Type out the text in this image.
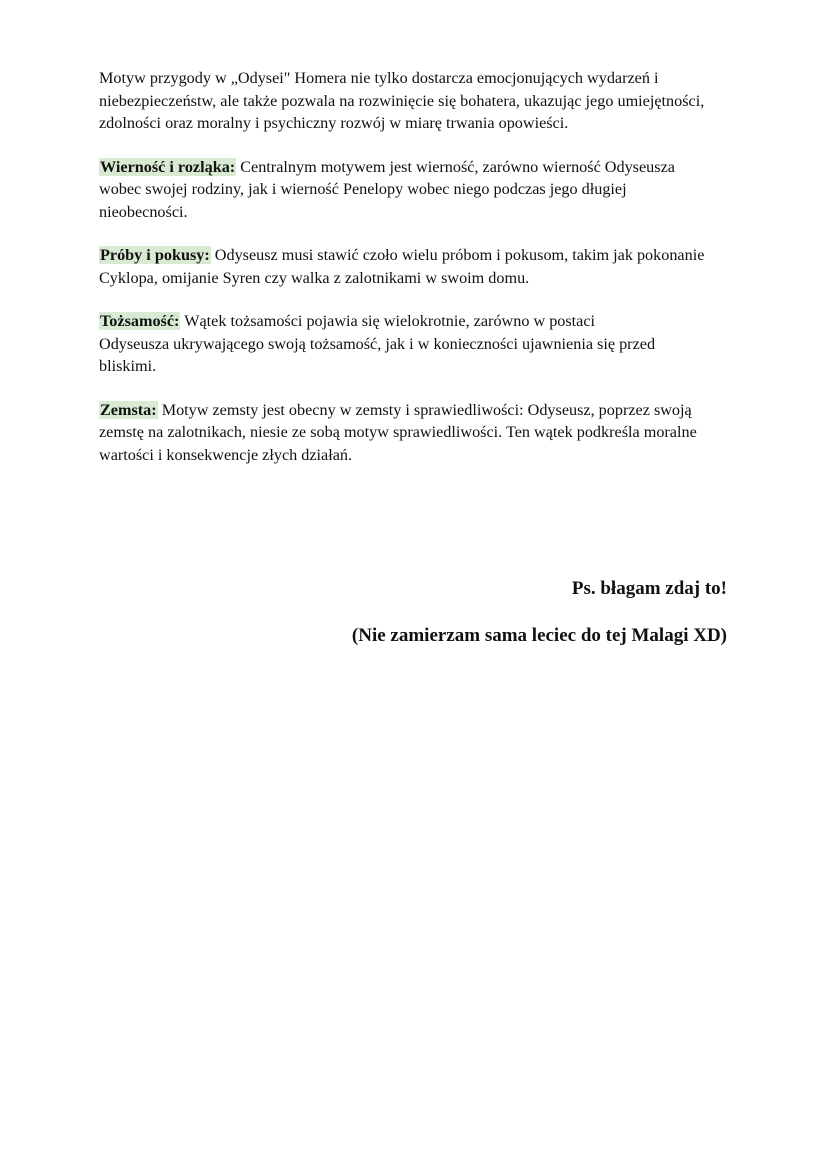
Motyw przygody w „Odysei" Homera nie tylko dostarcza emocjonujących wydarzeń i
niebezpieczeństw, ale także pozwala na rozwinięcie się bohatera, ukazując jego umiejętności,
zdolności oraz moralny i psychiczny rozwój w miarę trwania opowieści.

Wierność i rozląka: Centralnym motywem jest wierność, zarówno wierność Odyseusza
wobec swojej rodziny, jak i wierność Penelopy wobec niego podczas jego długiej
nieobecności.

Próby i pokusy: Odyseusz musi stawić czoło wielu próbom i pokusom, takim jak pokonanie
Cyklopa, omijanie Syren czy walka z zalotnikami w swoim domu.

Tożsamość: Wątek tożsamości pojawia się wielokrotnie, zarówno w postaci
Odyseusza ukrywającego swoją tożsamość, jak i w konieczności ujawnienia się przed
bliskimi.

Zemsta: Motyw zemsty jest obecny w zemsty i sprawiedliwości: Odyseusz, poprzez swoją
zemstę na zalotnikach, niesie ze sobą motyw sprawiedliwości. Ten wątek podkreśla moralne
wartości i konsekwencje złych działań.

Ps. błagam zdaj to!
(Nie zamierzam sama leciec do tej Malagi XD)
